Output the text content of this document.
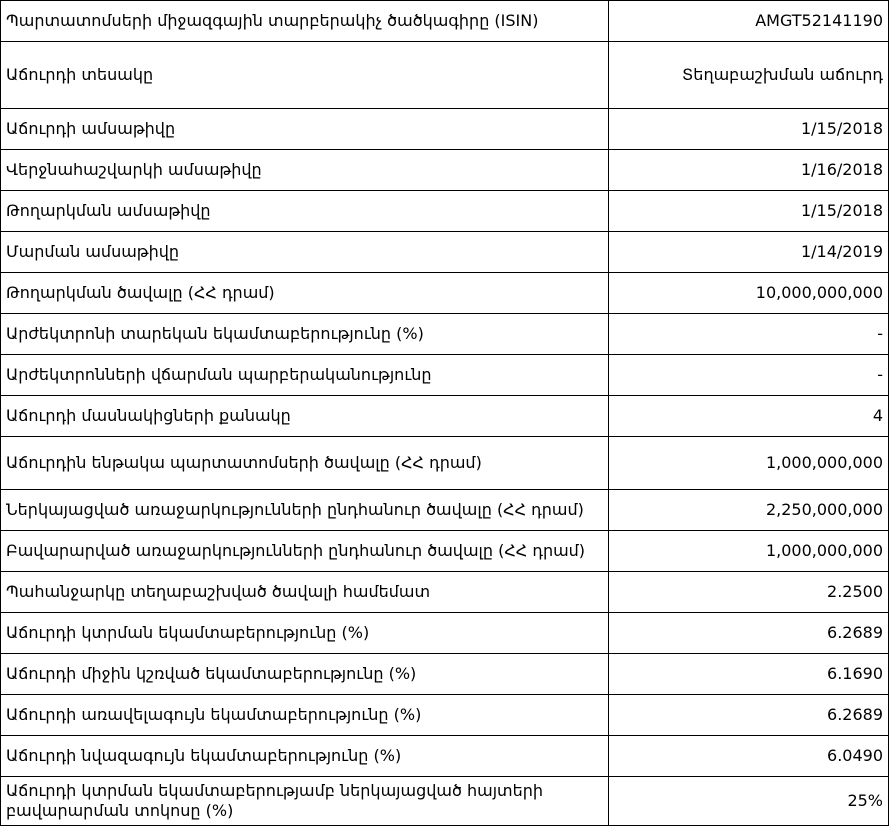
Պարտատոմսերի միջազգային տարբերակիչ ծածկագիրը (ISIN)	AMGT52141190
Աճուրդի տեսակը	Տեղաբաշխման աճուրդ
Աճուրդի ամսաթիվը	1/15/2018
Վերջնահաշվարկի ամսաթիվը	1/16/2018
Թողարկման ամսաթիվը	1/15/2018
Մարման ամսաթիվը	1/14/2019
Թողարկման ծավալը (ՀՀ դրամ)	10,000,000,000
Արժեկտրոնի տարեկան եկամտաբերությունը (%)	-
Արժեկտրոնների վճարման պարբերականությունը	-
Աճուրդի մասնակիցների քանակը	4
Աճուրդին ենթակա պարտատոմսերի ծավալը (ՀՀ դրամ)	1,000,000,000
Ներկայացված առաջարկությունների ընդհանուր ծավալը (ՀՀ դրամ)	2,250,000,000
Բավարարված առաջարկությունների ընդհանուր ծավալը (ՀՀ դրամ)	1,000,000,000
Պահանջարկը տեղաբաշխված ծավալի համեմատ	2.2500
Աճուրդի կտրման եկամտաբերությունը (%)	6.2689
Աճուրդի միջին կշռված եկամտաբերությունը (%)	6.1690
Աճուրդի առավելագույն եկամտաբերությունը (%)	6.2689
Աճուրդի նվազագույն եկամտաբերությունը (%)	6.0490
Աճուրդի կտրման եկամտաբերությամբ ներկայացված հայտերի բավարարման տոկոսը (%)	25%
